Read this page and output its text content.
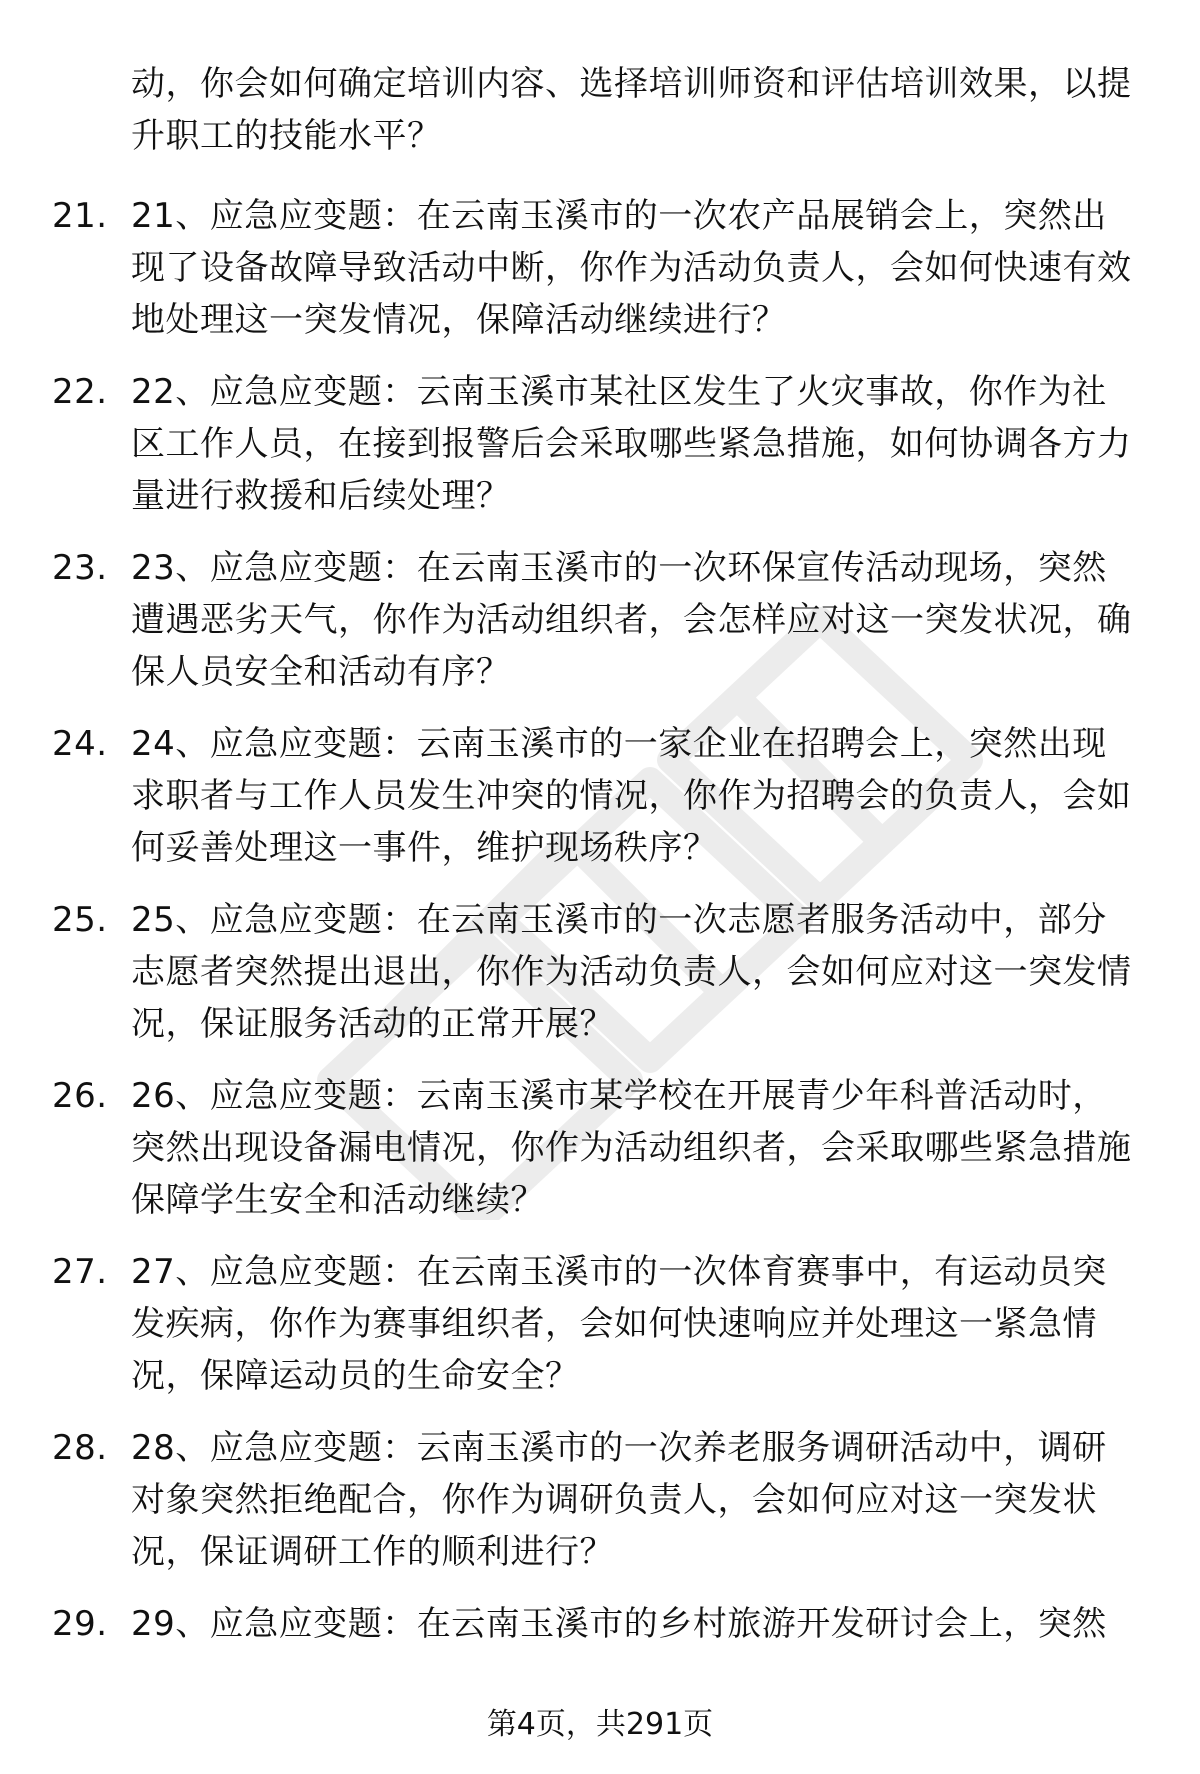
动，你会如何确定培训内容、选择培训师资和评估培训效果，以提升职工的技能水平？
21. 21、应急应变题：在云南玉溪市的一次农产品展销会上，突然出现了设备故障导致活动中断，你作为活动负责人，会如何快速有效地处理这一突发情况，保障活动继续进行？
22. 22、应急应变题：云南玉溪市某社区发生了火灾事故，你作为社区工作人员，在接到报警后会采取哪些紧急措施，如何协调各方力量进行救援和后续处理？
23. 23、应急应变题：在云南玉溪市的一次环保宣传活动现场，突然遭遇恶劣天气，你作为活动组织者，会怎样应对这一突发状况，确保人员安全和活动有序？
24. 24、应急应变题：云南玉溪市的一家企业在招聘会上，突然出现求职者与工作人员发生冲突的情况，你作为招聘会的负责人，会如何妥善处理这一事件，维护现场秩序？
25. 25、应急应变题：在云南玉溪市的一次志愿者服务活动中，部分志愿者突然提出退出，你作为活动负责人，会如何应对这一突发情况，保证服务活动的正常开展？
26. 26、应急应变题：云南玉溪市某学校在开展青少年科普活动时，突然出现设备漏电情况，你作为活动组织者，会采取哪些紧急措施保障学生安全和活动继续？
27. 27、应急应变题：在云南玉溪市的一次体育赛事中，有运动员突发疾病，你作为赛事组织者，会如何快速响应并处理这一紧急情况，保障运动员的生命安全？
28. 28、应急应变题：云南玉溪市的一次养老服务调研活动中，调研对象突然拒绝配合，你作为调研负责人，会如何应对这一突发状况，保证调研工作的顺利进行？
29. 29、应急应变题：在云南玉溪市的乡村旅游开发研讨会上，突然
第4页，共291页
